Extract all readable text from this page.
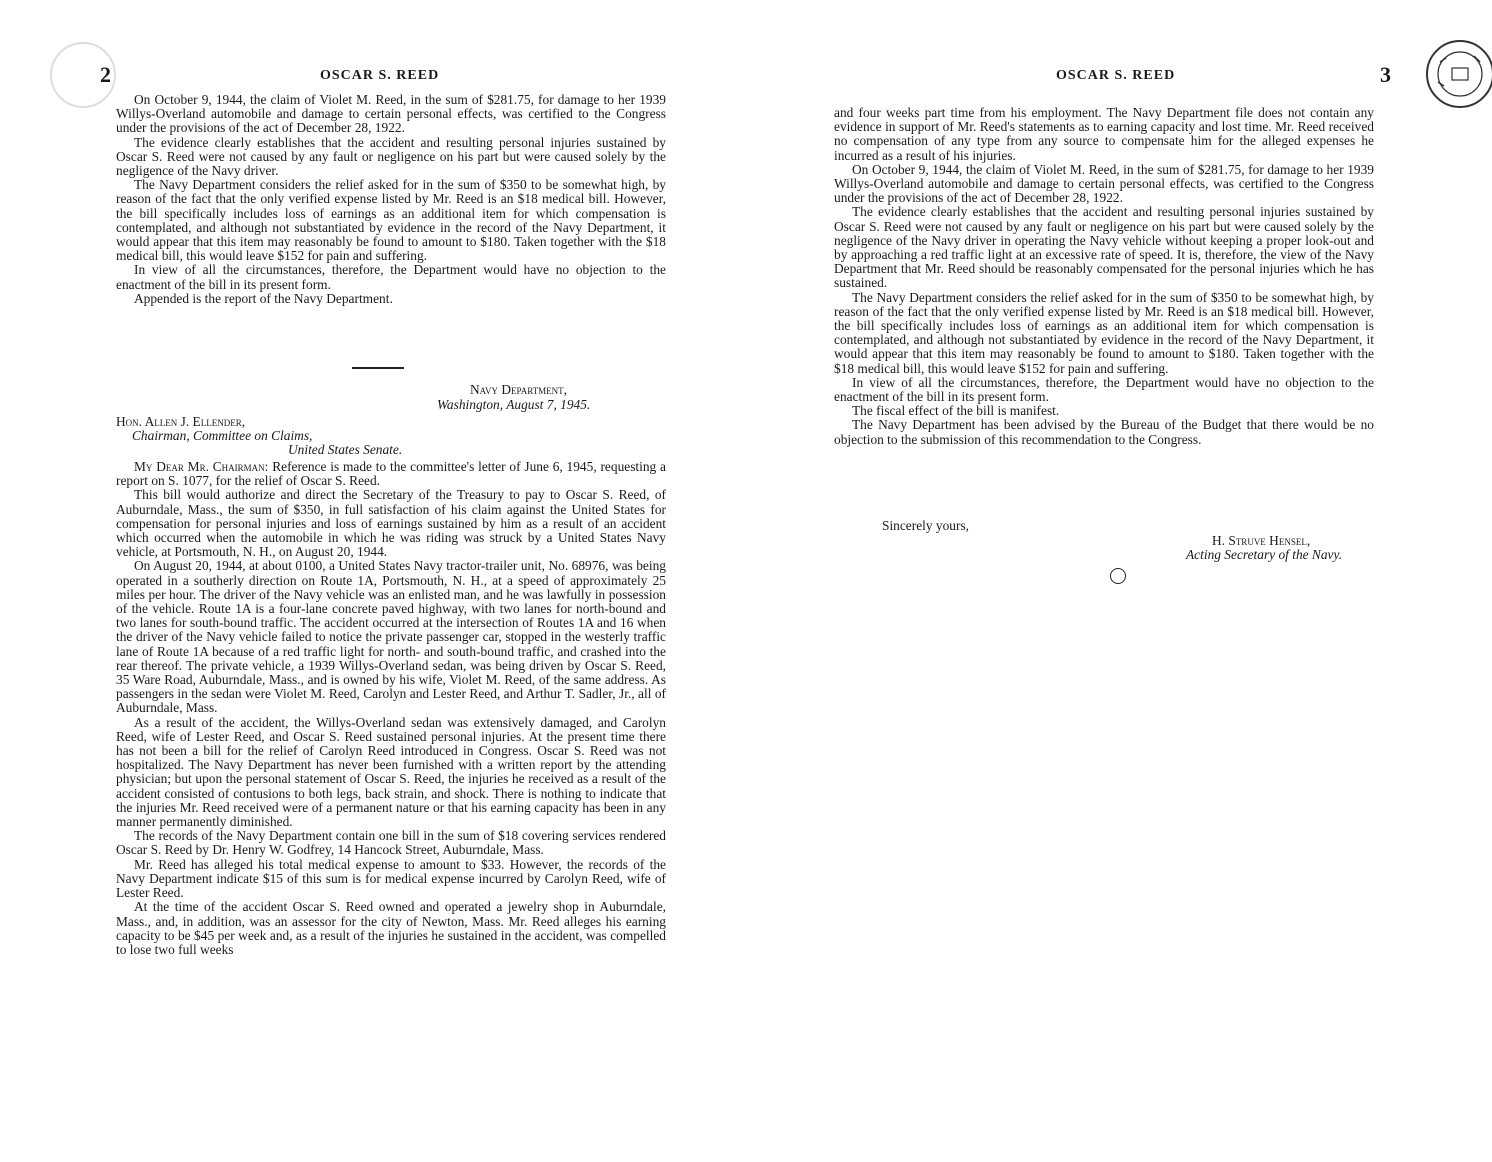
2	OSCAR S. REED

On October 9, 1944, the claim of Violet M. Reed, in the sum of $281.75, for damage to her 1939 Willys-Overland automobile and damage to certain personal effects, was certified to the Congress under the provisions of the act of December 28, 1922.

The evidence clearly establishes that the accident and resulting personal injuries sustained by Oscar S. Reed were not caused by any fault or negligence on his part but were caused solely by the negligence of the Navy driver.

The Navy Department considers the relief asked for in the sum of $350 to be somewhat high, by reason of the fact that the only verified expense listed by Mr. Reed is an $18 medical bill. However, the bill specifically includes loss of earnings as an additional item for which compensation is contemplated, and although not substantiated by evidence in the record of the Navy Department, it would appear that this item may reasonably be found to amount to $180. Taken together with the $18 medical bill, this would leave $152 for pain and suffering.

In view of all the circumstances, therefore, the Department would have no objection to the enactment of the bill in its present form.

Appended is the report of the Navy Department.

Navy Department,
Washington, August 7, 1945.
Hon. Allen J. Ellender,
Chairman, Committee on Claims,
United States Senate.

My Dear Mr. Chairman: Reference is made to the committee's letter of June 6, 1945, requesting a report on S. 1077, for the relief of Oscar S. Reed.

This bill would authorize and direct the Secretary of the Treasury to pay to Oscar S. Reed, of Auburndale, Mass., the sum of $350, in full satisfaction of his claim against the United States for compensation for personal injuries and loss of earnings sustained by him as a result of an accident which occurred when the automobile in which he was riding was struck by a United States Navy vehicle, at Portsmouth, N. H., on August 20, 1944.

On August 20, 1944, at about 0100, a United States Navy tractor-trailer unit, No. 68976, was being operated in a southerly direction on Route 1A, Portsmouth, N. H., at a speed of approximately 25 miles per hour. The driver of the Navy vehicle was an enlisted man, and he was lawfully in possession of the vehicle. Route 1A is a four-lane concrete paved highway, with two lanes for north-bound and two lanes for south-bound traffic. The accident occurred at the intersection of Routes 1A and 16 when the driver of the Navy vehicle failed to notice the private passenger car, stopped in the westerly traffic lane of Route 1A because of a red traffic light for north- and south-bound traffic, and crashed into the rear thereof. The private vehicle, a 1939 Willys-Overland sedan, was being driven by Oscar S. Reed, 35 Ware Road, Auburndale, Mass., and is owned by his wife, Violet M. Reed, of the same address. As passengers in the sedan were Violet M. Reed, Carolyn and Lester Reed, and Arthur T. Sadler, Jr., all of Auburndale, Mass.

As a result of the accident, the Willys-Overland sedan was extensively damaged, and Carolyn Reed, wife of Lester Reed, and Oscar S. Reed sustained personal injuries. At the present time there has not been a bill for the relief of Carolyn Reed introduced in Congress. Oscar S. Reed was not hospitalized. The Navy Department has never been furnished with a written report by the attending physician; but upon the personal statement of Oscar S. Reed, the injuries he received as a result of the accident consisted of contusions to both legs, back strain, and shock. There is nothing to indicate that the injuries Mr. Reed received were of a permanent nature or that his earning capacity has been in any manner permanently diminished.

The records of the Navy Department contain one bill in the sum of $18 covering services rendered Oscar S. Reed by Dr. Henry W. Godfrey, 14 Hancock Street, Auburndale, Mass.

Mr. Reed has alleged his total medical expense to amount to $33. However, the records of the Navy Department indicate $15 of this sum is for medical expense incurred by Carolyn Reed, wife of Lester Reed.

At the time of the accident Oscar S. Reed owned and operated a jewelry shop in Auburndale, Mass., and, in addition, was an assessor for the city of Newton, Mass. Mr. Reed alleges his earning capacity to be $45 per week and, as a result of the injuries he sustained in the accident, was compelled to lose two full weeks

OSCAR S. REED	3

and four weeks part time from his employment. The Navy Department file does not contain any evidence in support of Mr. Reed's statements as to earning capacity and lost time. Mr. Reed received no compensation of any type from any source to compensate him for the alleged expenses he incurred as a result of his injuries.

On October 9, 1944, the claim of Violet M. Reed, in the sum of $281.75, for damage to her 1939 Willys-Overland automobile and damage to certain personal effects, was certified to the Congress under the provisions of the act of December 28, 1922.

The evidence clearly establishes that the accident and resulting personal injuries sustained by Oscar S. Reed were not caused by any fault or negligence on his part but were caused solely by the negligence of the Navy driver in operating the Navy vehicle without keeping a proper look-out and by approaching a red traffic light at an excessive rate of speed. It is, therefore, the view of the Navy Department that Mr. Reed should be reasonably compensated for the personal injuries which he has sustained.

The Navy Department considers the relief asked for in the sum of $350 to be somewhat high, by reason of the fact that the only verified expense listed by Mr. Reed is an $18 medical bill. However, the bill specifically includes loss of earnings as an additional item for which compensation is contemplated, and although not substantiated by evidence in the record of the Navy Department, it would appear that this item may reasonably be found to amount to $180. Taken together with the $18 medical bill, this would leave $152 for pain and suffering.

In view of all the circumstances, therefore, the Department would have no objection to the enactment of the bill in its present form.

The fiscal effect of the bill is manifest.

The Navy Department has been advised by the Bureau of the Budget that there would be no objection to the submission of this recommendation to the Congress.

Sincerely yours,
H. Struve Hensel,
Acting Secretary of the Navy.
